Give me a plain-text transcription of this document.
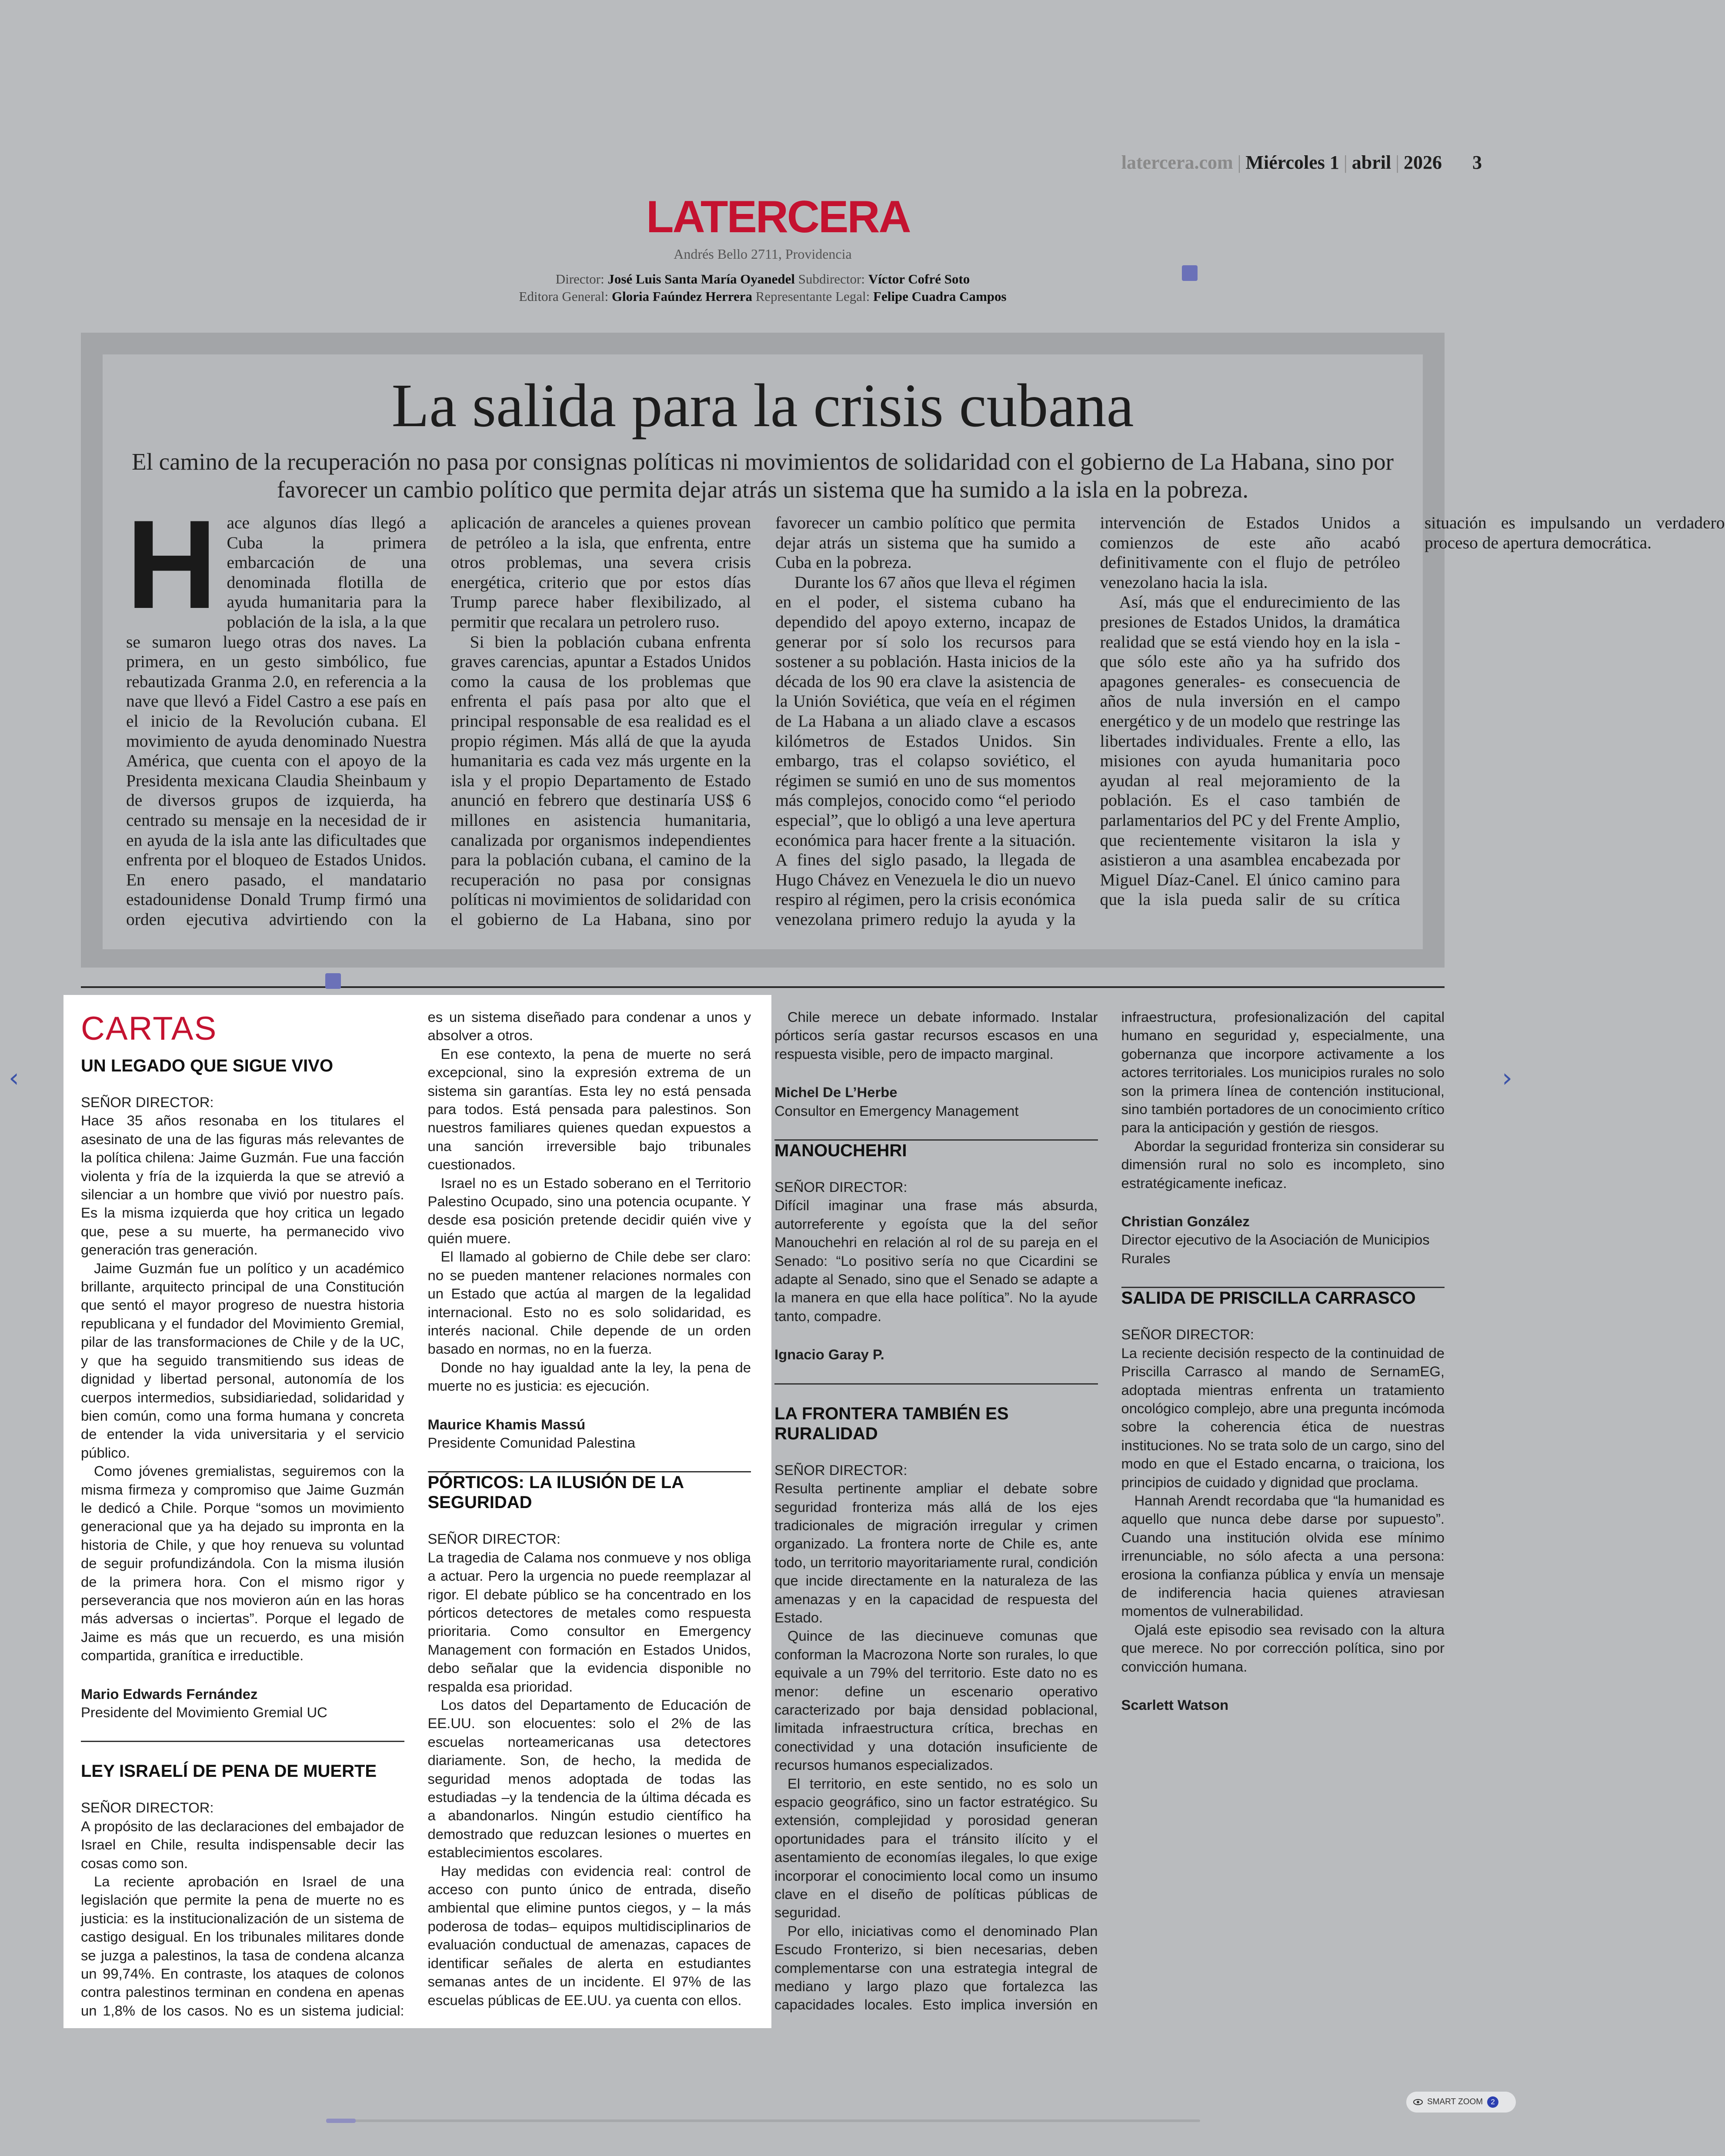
latercera.com | Miércoles 1 | abril | 2026 3
LATERCERA
Andrés Bello 2711, Providencia
Director: José Luis Santa María Oyanedel Subdirector: Víctor Cofré Soto
Editora General: Gloria Faúndez Herrera Representante Legal: Felipe Cuadra Campos
La salida para la crisis cubana
El camino de la recuperación no pasa por consignas políticas ni movimientos de solidaridad con el gobierno de La Habana, sino por favorecer un cambio político que permita dejar atrás un sistema que ha sumido a la isla en la pobreza.

Hace algunos días llegó a Cuba la primera embarcación de una denominada flotilla de ayuda humanitaria para la población de la isla, a la que se sumaron luego otras dos naves. La primera, en un gesto simbólico, fue rebautizada Granma 2.0, en referencia a la nave que llevó a Fidel Castro a ese país en el inicio de la Revolución cubana. El movimiento de ayuda denominado Nuestra América, que cuenta con el apoyo de la Presidenta mexicana Claudia Sheinbaum y de diversos grupos de izquierda, ha centrado su mensaje en la necesidad de ir en ayuda de la isla ante las dificultades que enfrenta por el bloqueo de Estados Unidos. En enero pasado, el mandatario estadounidense Donald Trump firmó una orden ejecutiva advirtiendo con la aplicación de aranceles a quienes provean de petróleo a la isla, que enfrenta, entre otros problemas, una severa crisis energética, criterio que por estos días Trump parece haber flexibilizado, al permitir que recalara un petrolero ruso.

Si bien la población cubana enfrenta graves carencias, apuntar a Estados Unidos como la causa de los problemas que enfrenta el país pasa por alto que el principal responsable de esa realidad es el propio régimen. Más allá de que la ayuda humanitaria es cada vez más urgente en la isla y el propio Departamento de Estado anunció en febrero que destinaría US$ 6 millones en asistencia humanitaria, canalizada por organismos independientes para la población cubana, el camino de la recuperación no pasa por consignas políticas ni movimientos de solidaridad con el gobierno de La Habana, sino por favorecer un cambio político que permita dejar atrás un sistema que ha sumido a Cuba en la pobreza.

Durante los 67 años que lleva el régimen en el poder, el sistema cubano ha dependido del apoyo externo, incapaz de generar por sí solo los recursos para sostener a su población. Hasta inicios de la década de los 90 era clave la asistencia de la Unión Soviética, que veía en el régimen de La Habana a un aliado clave a escasos kilómetros de Estados Unidos. Sin embargo, tras el colapso soviético, el régimen se sumió en uno de sus momentos más complejos, conocido como “el periodo especial”, que lo obligó a una leve apertura económica para hacer frente a la situación. A fines del siglo pasado, la llegada de Hugo Chávez en Venezuela le dio un nuevo respiro al régimen, pero la crisis económica venezolana primero redujo la ayuda y la intervención de Estados Unidos a comienzos de este año acabó definitivamente con el flujo de petróleo venezolano hacia la isla.

Así, más que el endurecimiento de las presiones de Estados Unidos, la dramática realidad que se está viendo hoy en la isla -que sólo este año ya ha sufrido dos apagones generales- es consecuencia de años de nula inversión en el campo energético y de un modelo que restringe las libertades individuales. Frente a ello, las misiones con ayuda humanitaria poco ayudan al real mejoramiento de la población. Es el caso también de parlamentarios del PC y del Frente Amplio, que recientemente visitaron la isla y asistieron a una asamblea encabezada por Miguel Díaz-Canel. El único camino para que la isla pueda salir de su crítica situación es impulsando un verdadero proceso de apertura democrática.

CARTAS
UN LEGADO QUE SIGUE VIVO

SEÑOR DIRECTOR:

Hace 35 años resonaba en los titulares el asesinato de una de las figuras más relevantes de la política chilena: Jaime Guzmán. Fue una facción violenta y fría de la izquierda la que se atrevió a silenciar a un hombre que vivió por nuestro país. Es la misma izquierda que hoy critica un legado que, pese a su muerte, ha permanecido vivo generación tras generación.

Jaime Guzmán fue un político y un académico brillante, arquitecto principal de una Constitución que sentó el mayor progreso de nuestra historia republicana y el fundador del Movimiento Gremial, pilar de las transformaciones de Chile y de la UC, y que ha seguido transmitiendo sus ideas de dignidad y libertad personal, autonomía de los cuerpos intermedios, subsidiariedad, solidaridad y bien común, como una forma humana y concreta de entender la vida universitaria y el servicio público.

Como jóvenes gremialistas, seguiremos con la misma firmeza y compromiso que Jaime Guzmán le dedicó a Chile. Porque “somos un movimiento generacional que ya ha dejado su impronta en la historia de Chile, y que hoy renueva su voluntad de seguir profundizándola. Con la misma ilusión de la primera hora. Con el mismo rigor y perseverancia que nos movieron aún en las horas más adversas o inciertas”. Porque el legado de Jaime es más que un recuerdo, es una misión compartida, granítica e irreductible.

Mario Edwards Fernández

Presidente del Movimiento Gremial UC

LEY ISRAELÍ DE PENA DE MUERTE

SEÑOR DIRECTOR:

A propósito de las declaraciones del embajador de Israel en Chile, resulta indispensable decir las cosas como son.

La reciente aprobación en Israel de una legislación que permite la pena de muerte no es justicia: es la institucionalización de un sistema de castigo desigual. En los tribunales militares donde se juzga a palestinos, la tasa de condena alcanza un 99,74%. En contraste, los ataques de colonos contra palestinos terminan en condena en apenas un 1,8% de los casos. No es un sistema judicial: es un sistema diseñado para condenar a unos y absolver a otros.

En ese contexto, la pena de muerte no será excepcional, sino la expresión extrema de un sistema sin garantías. Esta ley no está pensada para todos. Está pensada para palestinos. Son nuestros familiares quienes quedan expuestos a una sanción irreversible bajo tribunales cuestionados.

Israel no es un Estado soberano en el Territorio Palestino Ocupado, sino una potencia ocupante. Y desde esa posición pretende decidir quién vive y quién muere.

El llamado al gobierno de Chile debe ser claro: no se pueden mantener relaciones normales con un Estado que actúa al margen de la legalidad internacional. Esto no es solo solidaridad, es interés nacional. Chile depende de un orden basado en normas, no en la fuerza.

Donde no hay igualdad ante la ley, la pena de muerte no es justicia: es ejecución.

Maurice Khamis Massú

Presidente Comunidad Palestina

PÓRTICOS: LA ILUSIÓN DE LA SEGURIDAD

SEÑOR DIRECTOR:

La tragedia de Calama nos conmueve y nos obliga a actuar. Pero la urgencia no puede reemplazar al rigor. El debate público se ha concentrado en los pórticos detectores de metales como respuesta prioritaria. Como consultor en Emergency Management con formación en Estados Unidos, debo señalar que la evidencia disponible no respalda esa prioridad.

Los datos del Departamento de Educación de EE.UU. son elocuentes: solo el 2% de las escuelas norteamericanas usa detectores diariamente. Son, de hecho, la medida de seguridad menos adoptada de todas las estudiadas –y la tendencia de la última década es a abandonarlos. Ningún estudio científico ha demostrado que reduzcan lesiones o muertes en establecimientos escolares.

Hay medidas con evidencia real: control de acceso con punto único de entrada, diseño ambiental que elimine puntos ciegos, y – la más poderosa de todas– equipos multidisciplinarios de evaluación conductual de amenazas, capaces de identificar señales de alerta en estudiantes semanas antes de un incidente. El 97% de las escuelas públicas de EE.UU. ya cuenta con ellos.

Chile merece un debate informado. Instalar pórticos sería gastar recursos escasos en una respuesta visible, pero de impacto marginal.

Michel De L’Herbe

Consultor en Emergency Management

MANOUCHEHRI

SEÑOR DIRECTOR:

Difícil imaginar una frase más absurda, autorreferente y egoísta que la del señor Manouchehri en relación al rol de su pareja en el Senado: “Lo positivo sería no que Cicardini se adapte al Senado, sino que el Senado se adapte a la manera en que ella hace política”. No la ayude tanto, compadre.

Ignacio Garay P.

LA FRONTERA TAMBIÉN ES RURALIDAD

SEÑOR DIRECTOR:

Resulta pertinente ampliar el debate sobre seguridad fronteriza más allá de los ejes tradicionales de migración irregular y crimen organizado. La frontera norte de Chile es, ante todo, un territorio mayoritariamente rural, condición que incide directamente en la naturaleza de las amenazas y en la capacidad de respuesta del Estado.

Quince de las diecinueve comunas que conforman la Macrozona Norte son rurales, lo que equivale a un 79% del territorio. Este dato no es menor: define un escenario operativo caracterizado por baja densidad poblacional, limitada infraestructura crítica, brechas en conectividad y una dotación insuficiente de recursos humanos especializados.

El territorio, en este sentido, no es solo un espacio geográfico, sino un factor estratégico. Su extensión, complejidad y porosidad generan oportunidades para el tránsito ilícito y el asentamiento de economías ilegales, lo que exige incorporar el conocimiento local como un insumo clave en el diseño de políticas públicas de seguridad.

Por ello, iniciativas como el denominado Plan Escudo Fronterizo, si bien necesarias, deben complementarse con una estrategia integral de mediano y largo plazo que fortalezca las capacidades locales. Esto implica inversión en infraestructura, profesionalización del capital humano en seguridad y, especialmente, una gobernanza que incorpore activamente a los actores territoriales. Los municipios rurales no solo son la primera línea de contención institucional, sino también portadores de un conocimiento crítico para la anticipación y gestión de riesgos.

Abordar la seguridad fronteriza sin considerar su dimensión rural no solo es incompleto, sino estratégicamente ineficaz.

Christian González

Director ejecutivo de la Asociación de Municipios Rurales

SALIDA DE PRISCILLA CARRASCO

SEÑOR DIRECTOR:

La reciente decisión respecto de la continuidad de Priscilla Carrasco al mando de SernamEG, adoptada mientras enfrenta un tratamiento oncológico complejo, abre una pregunta incómoda sobre la coherencia ética de nuestras instituciones. No se trata solo de un cargo, sino del modo en que el Estado encarna, o traiciona, los principios de cuidado y dignidad que proclama.

Hannah Arendt recordaba que “la humanidad es aquello que nunca debe darse por supuesto”. Cuando una institución olvida ese mínimo irrenunciable, no sólo afecta a una persona: erosiona la confianza pública y envía un mensaje de indiferencia hacia quienes atraviesan momentos de vulnerabilidad.

Ojalá este episodio sea revisado con la altura que merece. No por corrección política, sino por convicción humana.

Scarlett Watson

‹	›
SMART ZOOM	2
